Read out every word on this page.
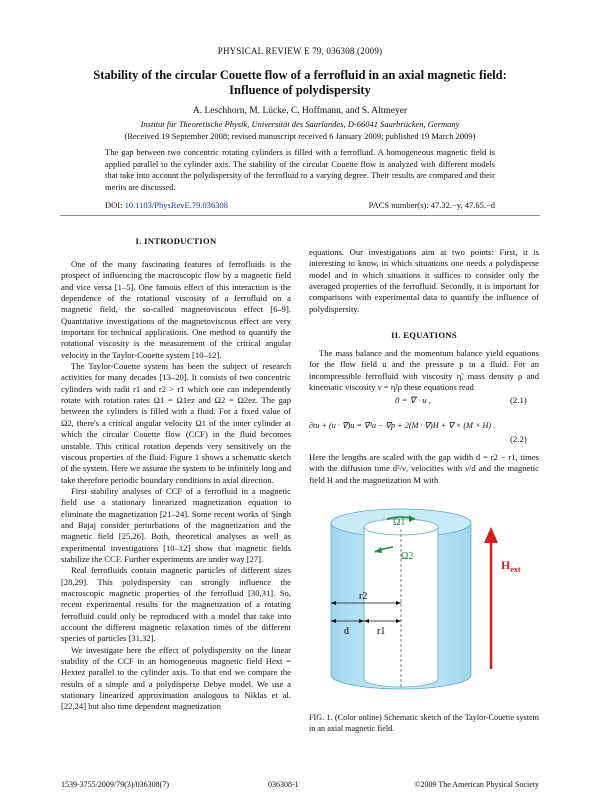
PHYSICAL REVIEW E 79, 036308 (2009)
Stability of the circular Couette flow of a ferrofluid in an axial magnetic field:
Influence of polydispersity
A. Leschhorn, M. Lücke, C. Hoffmann, and S. Altmeyer
Institut für Theoretische Physik, Universität des Saarlandes, D-66041 Saarbrücken, Germany
(Received 19 September 2008; revised manuscript received 6 January 2009; published 19 March 2009)
The gap between two concentric rotating cylinders is filled with a ferrofluid. A homogeneous magnetic field is applied parallel to the cylinder axis. The stability of the circular Couette flow is analyzed with different models that take into account the polydispersity of the ferrofluid to a varying degree. Their results are compared and their merits are discussed.
DOI: 10.1103/PhysRevE.79.036308	PACS number(s): 47.32.−y, 47.65.−d
I. INTRODUCTION

One of the many fascinating features of ferrofluids is the prospect of influencing the macroscopic flow by a magnetic field and vice versa [1–5]. One famous effect of this interaction is the dependence of the rotational viscosity of a ferrofluid on a magnetic field, the so-called magnetoviscous effect [6–9]. Quantitative investigations of the magnetoviscous effect are very important for technical applications. One method to quantify the rotational viscosity is the measurement of the critical angular velocity in the Taylor-Couette system [10–12].

The Taylor-Couette system has been the subject of research activities for many decades [13–20]. It consists of two concentric cylinders with radii r1 and r2 > r1 which one can independently rotate with rotation rates Ω1 = Ω1ez and Ω2 = Ω2ez. The gap between the cylinders is filled with a fluid. For a fixed value of Ω2, there's a critical angular velocity Ω1 of the inner cylinder at which the circular Couette flow (CCF) in the fluid becomes unstable. This critical rotation depends very sensitively on the viscous properties of the fluid. Figure 1 shows a schematic sketch of the system. Here we assume the system to be infinitely long and take therefore periodic boundary conditions in axial direction.

First stability analyses of CCF of a ferrofluid in a magnetic field use a stationary linearized magnetization equation to eliminate the magnetization [21–24]. Some recent works of Singh and Bajaj consider perturbations of the magnetization and the magnetic field [25,26]. Both, theoretical analyses as well as experimental investigations [10–12] show that magnetic fields stabilize the CCF. Further experiments are under way [27].

Real ferrofluids contain magnetic particles of different sizes [28,29]. This polydispersity can strongly influence the macroscopic magnetic properties of the ferrofluid [30,31]. So, recent experimental results for the magnetization of a rotating ferrofluid could only be reproduced with a model that take into account the different magnetic relaxation times of the different species of particles [31,32].

We investigate here the effect of polydispersity on the linear stability of the CCF in an homogeneous magnetic field Hext = Hextez parallel to the cylinder axis. To that end we compare the results of a simple and a polydisperse Debye model. We use a stationary linearized approximation analogous to Niklas et al. [22,24] but also time dependent magnetization

equations. Our investigations aim at two points: First, it is interesting to know, in which situations one needs a polydisperse model and in which situations it suffices to consider only the averaged properties of the ferrofluid. Secondly, it is important for comparisons with experimental data to quantify the influence of polydispersity.

II. EQUATIONS

The mass balance and the momentum balance yield equations for the flow field u and the pressure p in a fluid. For an incompressible ferrofluid with viscosity η̃, mass density ρ and kinematic viscosity ν = η̃/ρ these equations read

0 = ∇ · u ,	(2.1)
∂tu + (u · ∇)u = ∇²u − ∇p + 2(M · ∇)H + ∇ × (M × H) .
(2.2)

Here the lengths are scaled with the gap width d = r2 − r1, times with the diffusion time d²/ν, velocities with ν/d and the magnetic field H and the magnetization M with

Ω1
Ω2
r2
r1
d
$H_{ext}$
FIG. 1. (Color online) Schematic sketch of the Taylor-Couette system in an axial magnetic field.
1539-3755/2009/79(3)/036308(7)	036308-1	©2009 The American Physical Society
